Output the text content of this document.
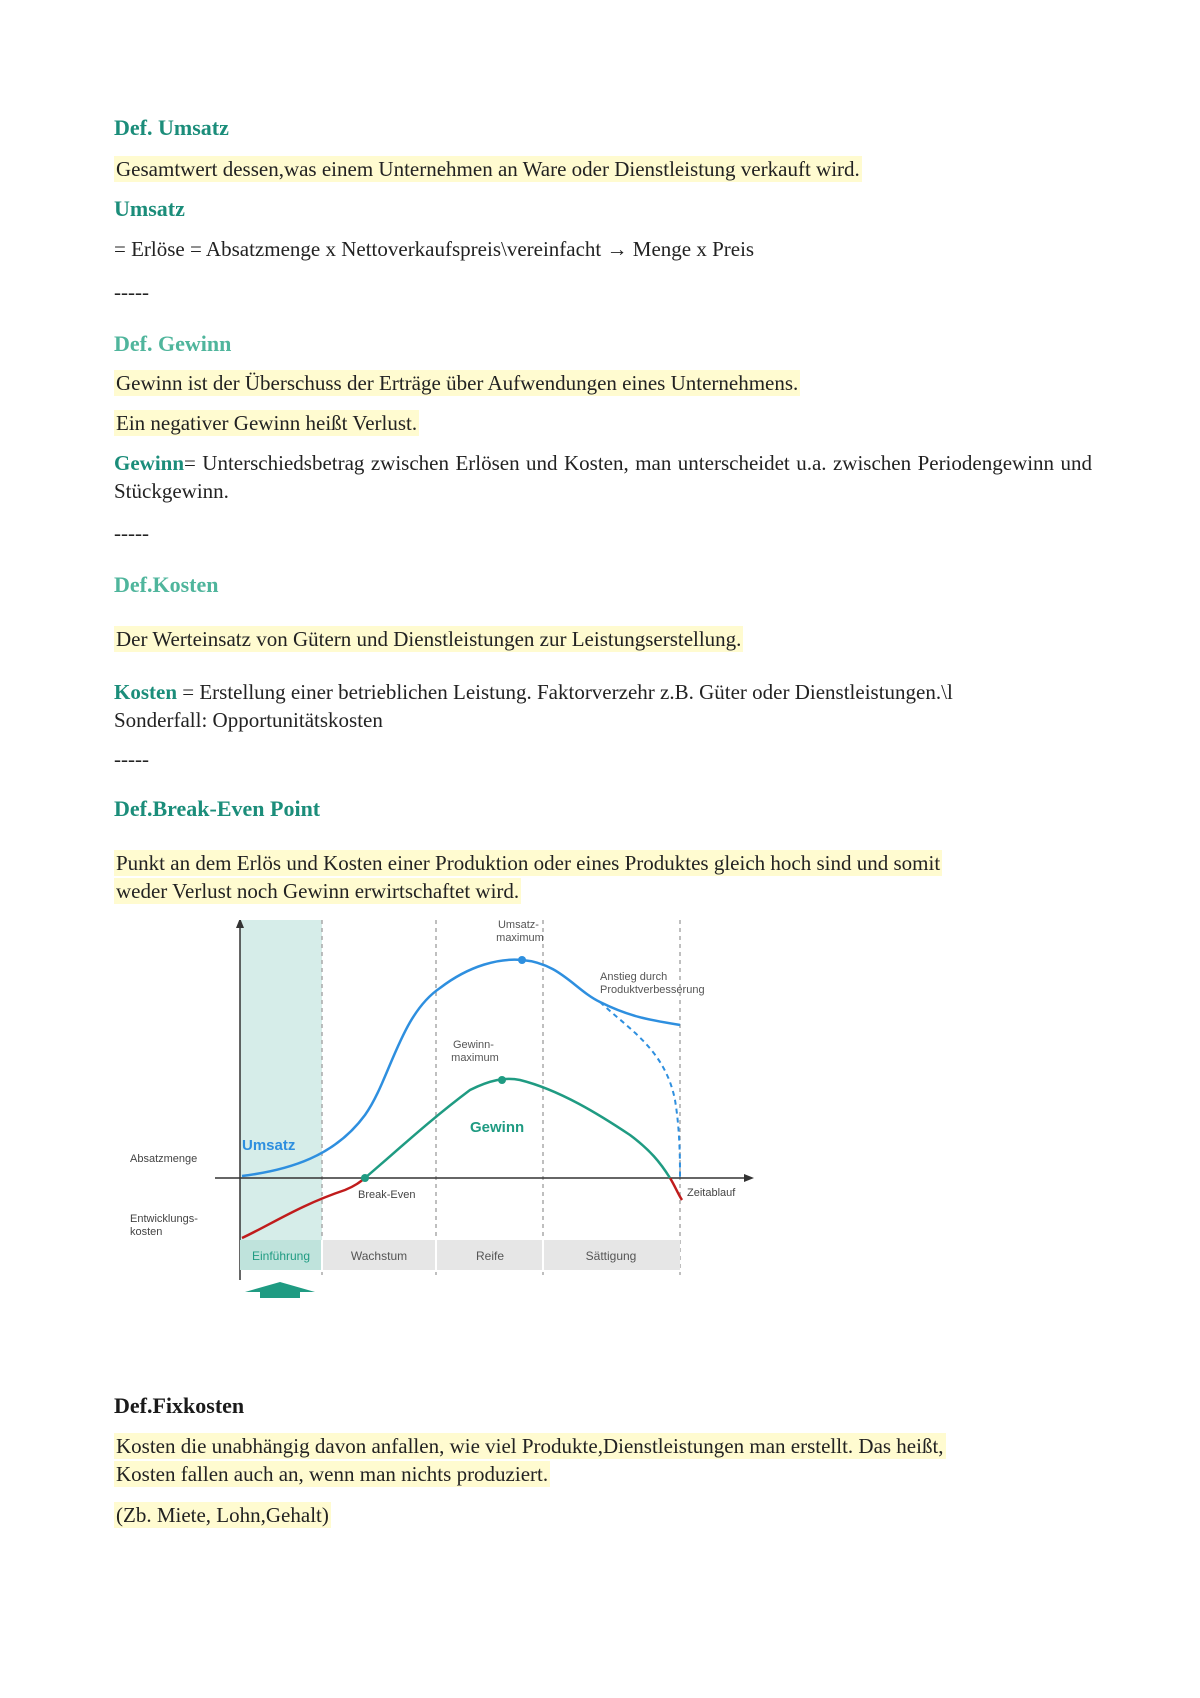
Def. Umsatz
Gesamtwert dessen,was einem Unternehmen an Ware oder Dienstleistung verkauft wird.
Umsatz
= Erlöse = Absatzmenge x Nettoverkaufspreis\vereinfacht → Menge x Preis
-----
Def. Gewinn
Gewinn ist der Überschuss der Erträge über Aufwendungen eines Unternehmens.
Ein negativer Gewinn heißt Verlust.
Gewinn= Unterschiedsbetrag zwischen Erlösen und Kosten, man unterscheidet u.a. zwischen Periodengewinn und Stückgewinn.
-----
Def.Kosten
Der Werteinsatz von Gütern und Dienstleistungen zur Leistungserstellung.
Kosten = Erstellung einer betrieblichen Leistung. Faktorverzehr z.B. Güter oder Dienstleistungen.\l
Sonderfall: Opportunitätskosten
-----
Def.Break-Even Point
Punkt an dem Erlös und Kosten einer Produktion oder eines Produktes gleich hoch sind und somit
weder Verlust noch Gewinn erwirtschaftet wird.
Umsatz- maximum
Anstieg durch Produktverbesserung
Gewinn- maximum
Umsatz
Gewinn
Absatzmenge
Entwicklungs- kosten
Break-Even	Zeitablauf
Einführung	Wachstum	Reife	Sättigung
Def.Fixkosten
Kosten die unabhängig davon anfallen, wie viel Produkte,Dienstleistungen man erstellt. Das heißt,
Kosten fallen auch an, wenn man nichts produziert.
(Zb. Miete, Lohn,Gehalt)
